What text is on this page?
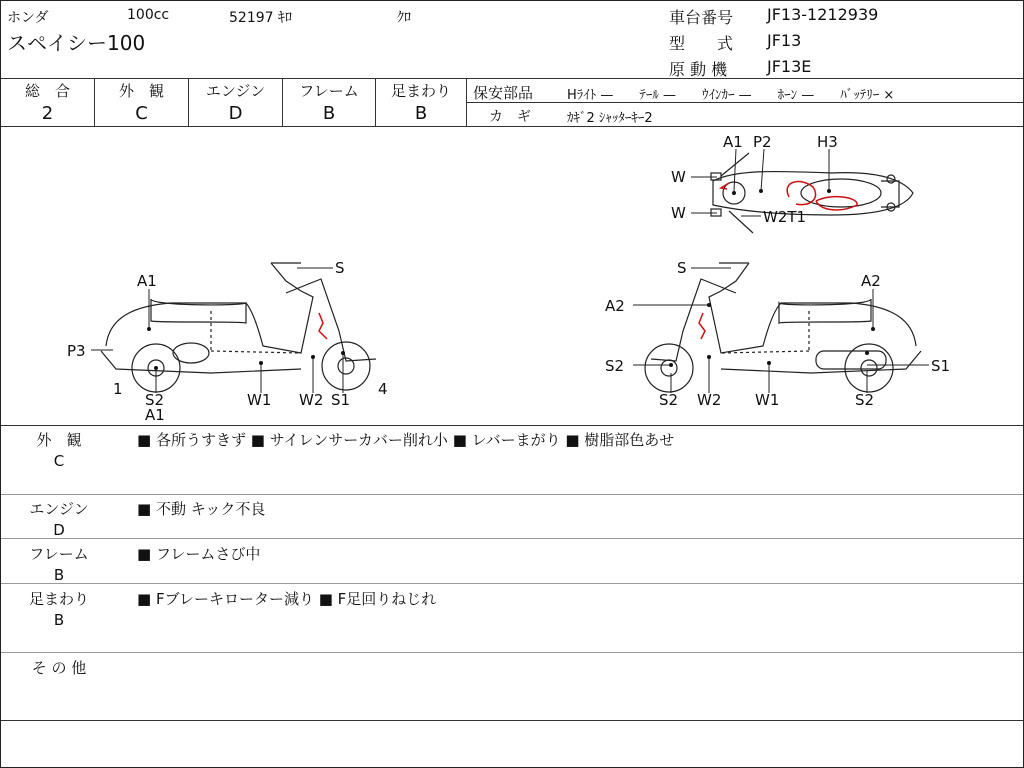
ホンダ	100cc	52197 ｷﾛ	ｸﾛ
スペイシー100
車台番号 JF13-1212939
型　　式 JF13
原 動 機 JF13E
総　合
2
外　観
C
エンジン
D
フレーム
B
足まわり
B
保安部品	Hﾗｲﾄ —　　ﾃｰﾙ —　　ｳｲﾝｶｰ —　　ﾎｰﾝ —　　ﾊﾞｯﾃﾘｰ ×
カ　ギ	ｶｷﾞ2 ｼｬｯﾀｰｷｰ2
A1 P2	H3
W
W	W2T1
S
A1
P3
1
S2
A1
W1 W2 S1
4
S
A2
A2
S2	S1
S2 W2 W1	S2
外　観
C
■ 各所うすきず ■ サイレンサーカバー削れ小 ■ レバーまがり ■ 樹脂部色あせ
エンジン
D
■ 不動 キック不良
フレーム
B
■ フレームさび中
足まわり
B
■ Fブレーキローター減り ■ F足回りねじれ
そ の 他
